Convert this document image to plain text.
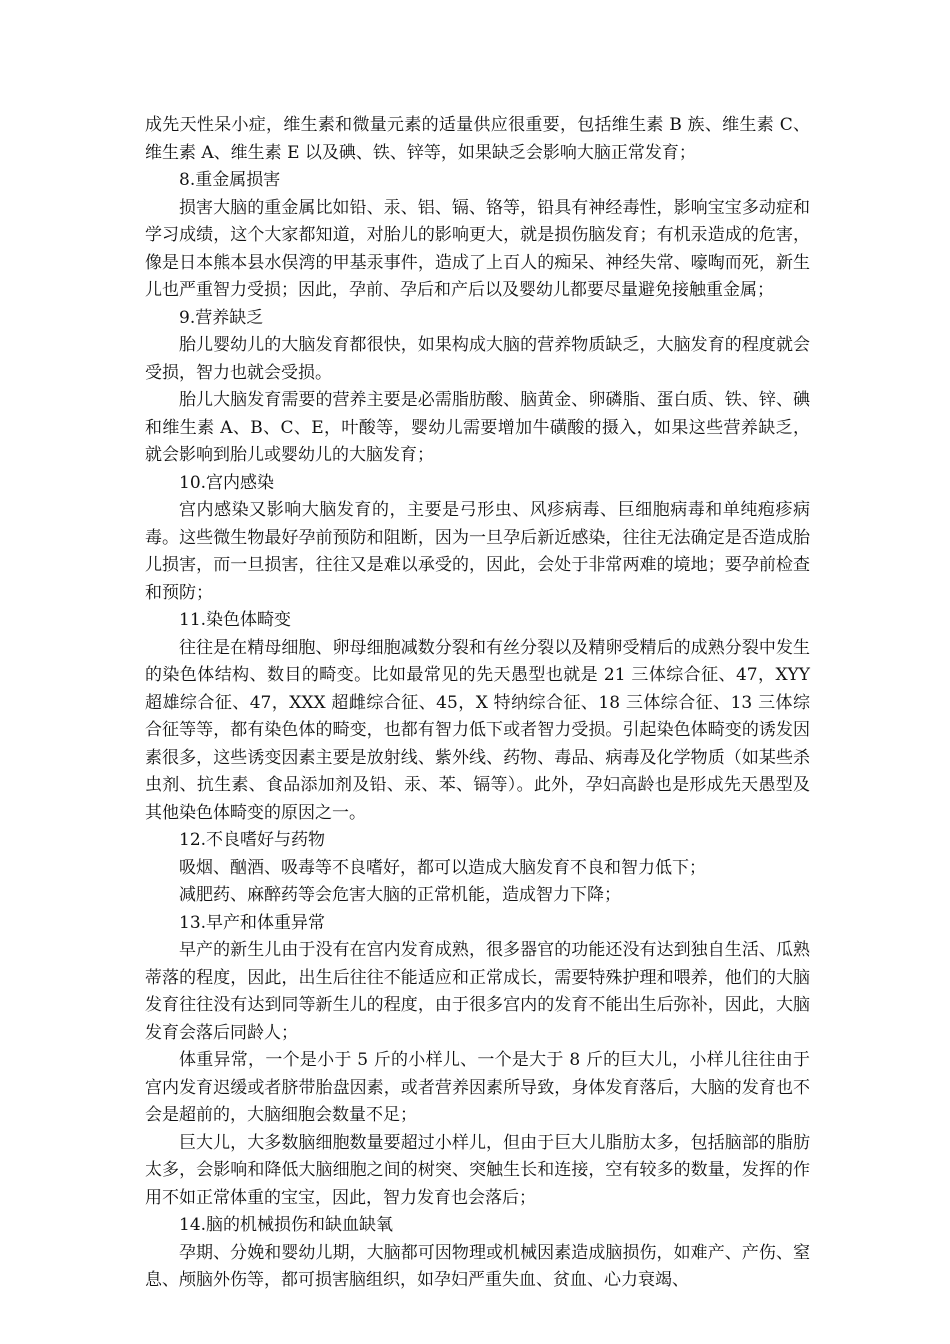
成先天性呆小症，维生素和微量元素的适量供应很重要，包括维生素 B 族、维生素 C、维生素 A、维生素 E 以及碘、铁、锌等，如果缺乏会影响大脑正常发育；

8.重金属损害

损害大脑的重金属比如铅、汞、铝、镉、铬等，铅具有神经毒性，影响宝宝多动症和学习成绩，这个大家都知道，对胎儿的影响更大，就是损伤脑发育；有机汞造成的危害，像是日本熊本县水俣湾的甲基汞事件，造成了上百人的痴呆、神经失常、嚎啕而死，新生儿也严重智力受损；因此，孕前、孕后和产后以及婴幼儿都要尽量避免接触重金属；

9.营养缺乏

胎儿婴幼儿的大脑发育都很快，如果构成大脑的营养物质缺乏，大脑发育的程度就会受损，智力也就会受损。

胎儿大脑发育需要的营养主要是必需脂肪酸、脑黄金、卵磷脂、蛋白质、铁、锌、碘和维生素 A、B、C、E，叶酸等，婴幼儿需要增加牛磺酸的摄入，如果这些营养缺乏，就会影响到胎儿或婴幼儿的大脑发育；

10.宫内感染

宫内感染又影响大脑发育的，主要是弓形虫、风疹病毒、巨细胞病毒和单纯疱疹病毒。这些微生物最好孕前预防和阻断，因为一旦孕后新近感染，往往无法确定是否造成胎儿损害，而一旦损害，往往又是难以承受的，因此，会处于非常两难的境地；要孕前检查和预防；

11.染色体畸变

往往是在精母细胞、卵母细胞减数分裂和有丝分裂以及精卵受精后的成熟分裂中发生的染色体结构、数目的畸变。比如最常见的先天愚型也就是 21 三体综合征、47，XYY 超雄综合征、47，XXX 超雌综合征、45，X 特纳综合征、18 三体综合征、13 三体综合征等等，都有染色体的畸变，也都有智力低下或者智力受损。引起染色体畸变的诱发因素很多，这些诱变因素主要是放射线、紫外线、药物、毒品、病毒及化学物质（如某些杀虫剂、抗生素、食品添加剂及铅、汞、苯、镉等）。此外，孕妇高龄也是形成先天愚型及其他染色体畸变的原因之一。

12.不良嗜好与药物

吸烟、酗酒、吸毒等不良嗜好，都可以造成大脑发育不良和智力低下；

减肥药、麻醉药等会危害大脑的正常机能，造成智力下降；

13.早产和体重异常

早产的新生儿由于没有在宫内发育成熟，很多器官的功能还没有达到独自生活、瓜熟蒂落的程度，因此，出生后往往不能适应和正常成长，需要特殊护理和喂养，他们的大脑发育往往没有达到同等新生儿的程度，由于很多宫内的发育不能出生后弥补，因此，大脑发育会落后同龄人；

体重异常，一个是小于 5 斤的小样儿、一个是大于 8 斤的巨大儿，小样儿往往由于宫内发育迟缓或者脐带胎盘因素，或者营养因素所导致，身体发育落后，大脑的发育也不会是超前的，大脑细胞会数量不足；

巨大儿，大多数脑细胞数量要超过小样儿，但由于巨大儿脂肪太多，包括脑部的脂肪太多，会影响和降低大脑细胞之间的树突、突触生长和连接，空有较多的数量，发挥的作用不如正常体重的宝宝，因此，智力发育也会落后；

14.脑的机械损伤和缺血缺氧

孕期、分娩和婴幼儿期，大脑都可因物理或机械因素造成脑损伤，如难产、产伤、窒息、颅脑外伤等，都可损害脑组织，如孕妇严重失血、贫血、心力衰竭、
